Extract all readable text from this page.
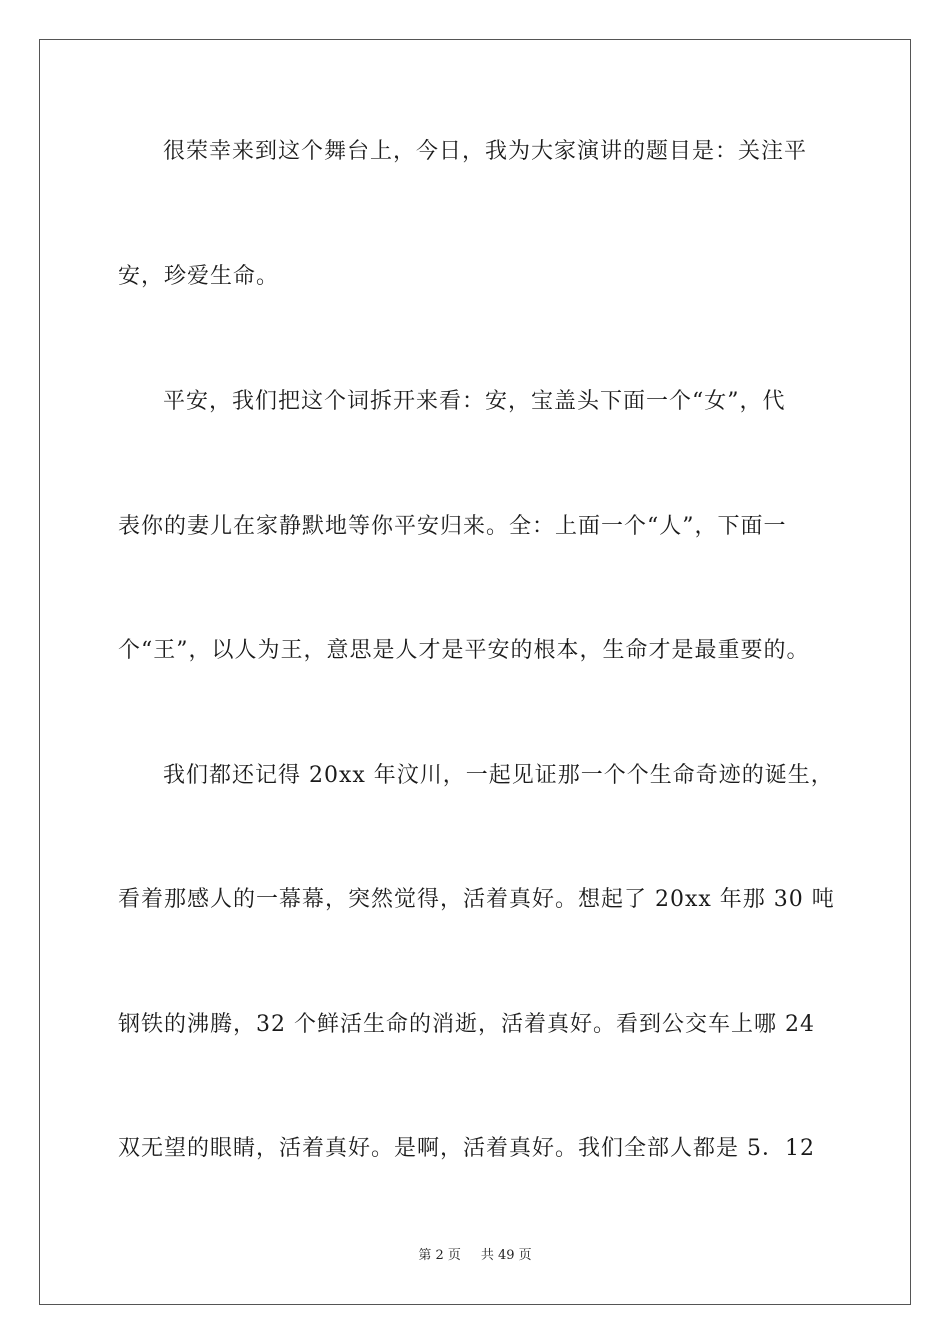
很荣幸来到这个舞台上，今日，我为大家演讲的题目是：关注平
安，珍爱生命。
平安，我们把这个词拆开来看：安，宝盖头下面一个“女”，代
表你的妻儿在家静默地等你平安归来。全：上面一个“人”，下面一
个“王”，以人为王，意思是人才是平安的根本，生命才是最重要的。
我们都还记得 20xx 年汶川，一起见证那一个个生命奇迹的诞生，
看着那感人的一幕幕，突然觉得，活着真好。想起了 20xx 年那 30 吨
钢铁的沸腾，32 个鲜活生命的消逝，活着真好。看到公交车上哪 24
双无望的眼睛，活着真好。是啊，活着真好。我们全部人都是 5．12
第 2 页 共 49 页
